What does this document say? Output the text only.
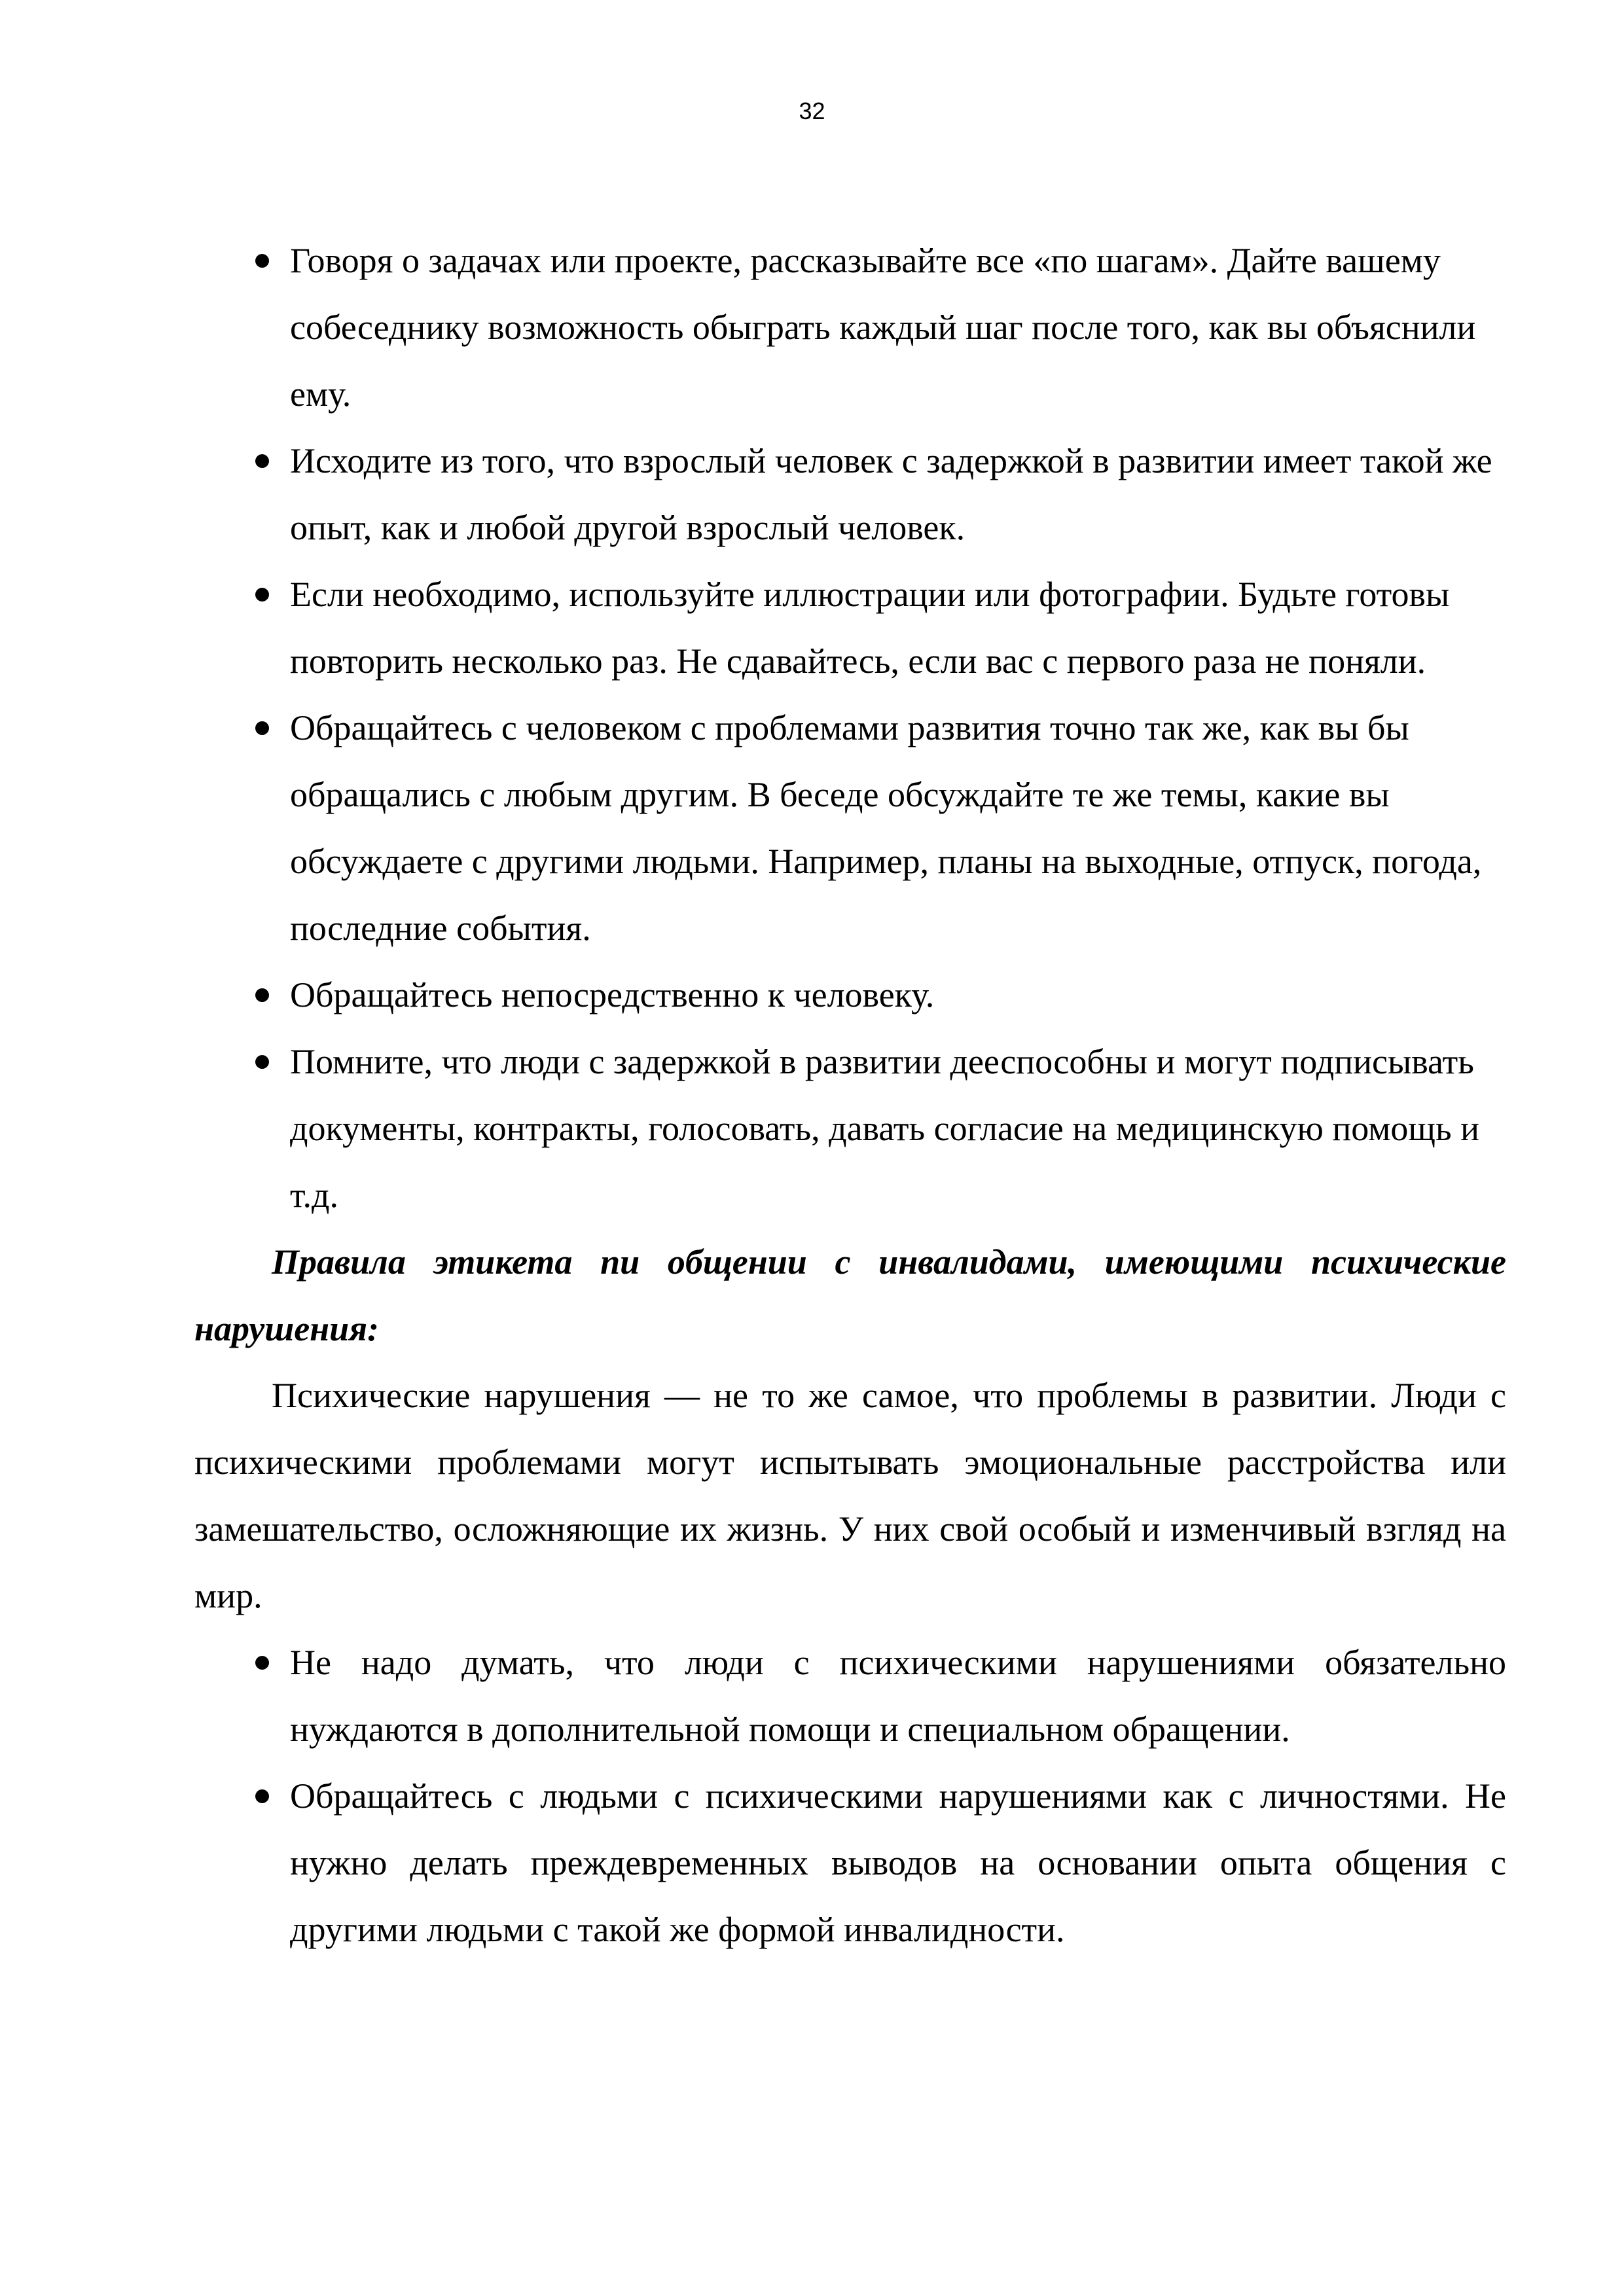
32
Говоря о задачах или проекте, рассказывайте все «по шагам». Дайте вашему собеседнику возможность обыграть каждый шаг после того, как вы объяснили ему.
Исходите из того, что взрослый человек с задержкой в развитии имеет такой же опыт, как и любой другой взрослый человек.
Если необходимо, используйте иллюстрации или фотографии. Будьте готовы повторить несколько раз. Не сдавайтесь, если вас с первого раза не поняли.
Обращайтесь с человеком с проблемами развития точно так же, как вы бы обращались с любым другим. В беседе обсуждайте те же темы, какие вы обсуждаете с другими людьми. Например, планы на выходные, отпуск, погода, последние события.
Обращайтесь непосредственно к человеку.
Помните, что люди с задержкой в развитии дееспособны и могут подписывать документы, контракты, голосовать, давать согласие на медицинскую помощь и т.д.

Правила этикета пи общении с инвалидами, имеющими психические нарушения:

Психические нарушения — не то же самое, что проблемы в развитии. Люди с психическими проблемами могут испытывать эмоциональные расстройства или замешательство, осложняющие их жизнь. У них свой особый и изменчивый взгляд на мир.

Не надо думать, что люди с психическими нарушениями обязательно нуждаются в дополнительной помощи и специальном обращении.
Обращайтесь с людьми с психическими нарушениями как с личностями. Не нужно делать преждевременных выводов на основании опыта общения с другими людьми с такой же формой инвалидности.
